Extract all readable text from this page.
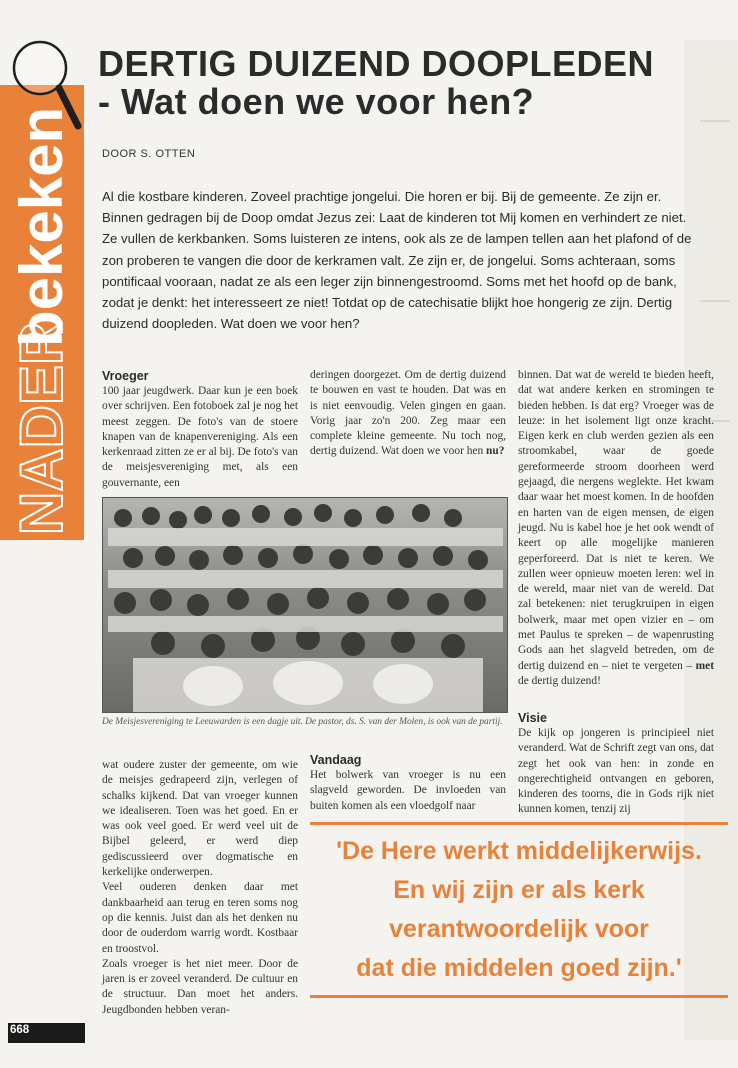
NADER
bekeken
DERTIG DUIZEND DOOPLEDEN
- Wat doen we voor hen?
DOOR S. OTTEN
Al die kostbare kinderen. Zoveel prachtige jongelui. Die horen er bij. Bij de gemeente. Ze zijn er. Binnen gedragen bij de Doop omdat Jezus zei: Laat de kinderen tot Mij komen en verhindert ze niet. Ze vullen de kerkbanken. Soms luisteren ze intens, ook als ze de lampen tellen aan het plafond of de zon proberen te vangen die door de kerkramen valt. Ze zijn er, de jongelui. Soms achteraan, soms pontificaal vooraan, nadat ze als een leger zijn binnengestroomd. Soms met het hoofd op de bank, zodat je denkt: het interesseert ze niet! Totdat op de catechisatie blijkt hoe hongerig ze zijn. Dertig duizend doopleden. Wat doen we voor hen?
Vroeger

100 jaar jeugdwerk. Daar kun je een boek over schrijven. Een fotoboek zal je nog het meest zeggen. De foto's van de stoere knapen van de knapenvereniging. Als een kerkenraad zitten ze er al bij. De foto's van de meisjesvereniging met, als een gouvernante, een

deringen doorgezet. Om de dertig duizend te bouwen en vast te houden. Dat was en is niet eenvoudig. Velen gingen en gaan. Vorig jaar zo'n 200. Zeg maar een complete kleine gemeente. Nu toch nog, dertig duizend. Wat doen we voor hen nu?

binnen. Dat wat de wereld te bieden heeft, dat wat andere kerken en stromingen te bieden hebben. Is dat erg? Vroeger was de leuze: in het isolement ligt onze kracht. Eigen kerk en club werden gezien als een stroomkabel, waar de goede gereformeerde stroom doorheen werd gejaagd, die nergens weglekte. Het kwam daar waar het moest komen. In de hoofden en harten van de eigen mensen, de eigen jeugd. Nu is kabel hoe je het ook wendt of keert op alle mogelijke manieren geperforeerd. Dat is niet te keren. We zullen weer opnieuw moeten leren: wel in de wereld, maar niet van de wereld. Dat zal betekenen: niet terugkruipen in eigen bolwerk, maar met open vizier en – om met Paulus te spreken – de wapenrusting Gods aan het slagveld betreden, om de dertig duizend en – niet te vergeten – met de dertig duizend!

De Meisjesvereniging te Leeuwarden is een dagje uit. De pastor, ds. S. van der Molen, is ook van de partij.

wat oudere zuster der gemeente, om wie de meisjes gedrapeerd zijn, verlegen of schalks kijkend. Dat van vroeger kunnen we idealiseren. Toen was het goed. En er was ook veel goed. Er werd veel uit de Bijbel geleerd, er werd diep gediscussieerd over dogmatische en kerkelijke onderwerpen.

Veel ouderen denken daar met dankbaarheid aan terug en teren soms nog op die kennis. Juist dan als het denken nu door de ouderdom warrig wordt. Kostbaar en troostvol.

Zoals vroeger is het niet meer. Door de jaren is er zoveel veranderd. De cultuur en de structuur. Dan moet het anders. Jeugdbonden hebben veran-

Vandaag

Het bolwerk van vroeger is nu een slagveld geworden. De invloeden van buiten komen als een vloedgolf naar

Visie

De kijk op jongeren is principieel niet veranderd. Wat de Schrift zegt van ons, dat zegt het ook van hen: in zonde en ongerechtigheid ontvangen en geboren, kinderen des toorns, die in Gods rijk niet kunnen komen, tenzij zij

'De Here werkt middelijkerwijs.
En wij zijn er als kerk
verantwoordelijk voor
dat die middelen goed zijn.'
668
